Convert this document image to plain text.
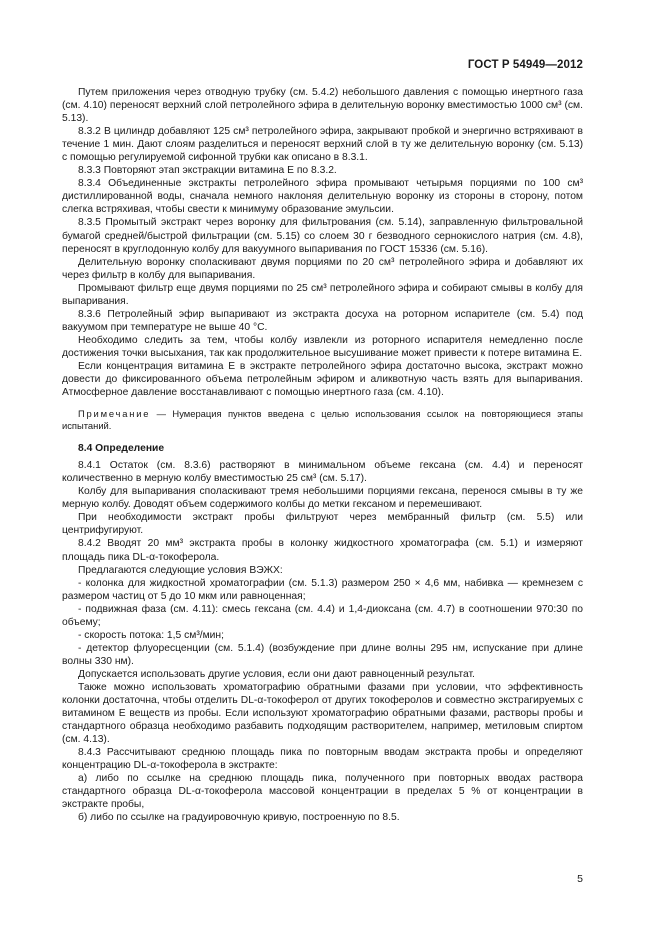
ГОСТ Р 54949—2012

Путем приложения через отводную трубку (см. 5.4.2) небольшого давления с помощью инертного газа (см. 4.10) переносят верхний слой петролейного эфира в делительную воронку вместимостью 1000 см³ (см. 5.13).

8.3.2 В цилиндр добавляют 125 см³ петролейного эфира, закрывают пробкой и энергично встряхивают в течение 1 мин. Дают слоям разделиться и переносят верхний слой в ту же делительную воронку (см. 5.13) с помощью регулируемой сифонной трубки как описано в 8.3.1.

8.3.3 Повторяют этап экстракции витамина Е по 8.3.2.

8.3.4 Объединенные экстракты петролейного эфира промывают четырьмя порциями по 100 см³ дистиллированной воды, сначала немного наклоняя делительную воронку из стороны в сторону, потом слегка встряхивая, чтобы свести к минимуму образование эмульсии.

8.3.5 Промытый экстракт через воронку для фильтрования (см. 5.14), заправленную фильтровальной бумагой средней/быстрой фильтрации (см. 5.15) со слоем 30 г безводного сернокислого натрия (см. 4.8), переносят в круглодонную колбу для вакуумного выпаривания по ГОСТ 15336 (см. 5.16).

Делительную воронку споласкивают двумя порциями по 20 см³ петролейного эфира и добавляют их через фильтр в колбу для выпаривания.

Промывают фильтр еще двумя порциями по 25 см³ петролейного эфира и собирают смывы в колбу для выпаривания.

8.3.6 Петролейный эфир выпаривают из экстракта досуха на роторном испарителе (см. 5.4) под вакуумом при температуре не выше 40 °С.

Необходимо следить за тем, чтобы колбу извлекли из роторного испарителя немедленно после достижения точки высыхания, так как продолжительное высушивание может привести к потере витамина Е.

Если концентрация витамина Е в экстракте петролейного эфира достаточно высока, экстракт можно довести до фиксированного объема петролейным эфиром и аликвотную часть взять для выпаривания. Атмосферное давление восстанавливают с помощью инертного газа (см. 4.10).

Примечание — Нумерация пунктов введена с целью использования ссылок на повторяющиеся этапы испытаний.

8.4 Определение

8.4.1 Остаток (см. 8.3.6) растворяют в минимальном объеме гексана (см. 4.4) и переносят количественно в мерную колбу вместимостью 25 см³ (см. 5.17).

Колбу для выпаривания споласкивают тремя небольшими порциями гексана, перенося смывы в ту же мерную колбу. Доводят объем содержимого колбы до метки гексаном и перемешивают.

При необходимости экстракт пробы фильтруют через мембранный фильтр (см. 5.5) или центрифугируют.

8.4.2 Вводят 20 мм³ экстракта пробы в колонку жидкостного хроматографа (см. 5.1) и измеряют площадь пика DL-α-токоферола.

Предлагаются следующие условия ВЭЖХ:

- колонка для жидкостной хроматографии (см. 5.1.3) размером 250 × 4,6 мм, набивка — кремнезем с размером частиц от 5 до 10 мкм или равноценная;

- подвижная фаза (см. 4.11): смесь гексана (см. 4.4) и 1,4-диоксана (см. 4.7) в соотношении 970:30 по объему;

- скорость потока: 1,5 см³/мин;

- детектор флуоресценции (см. 5.1.4) (возбуждение при длине волны 295 нм, испускание при длине волны 330 нм).

Допускается использовать другие условия, если они дают равноценный результат.

Также можно использовать хроматографию обратными фазами при условии, что эффективность колонки достаточна, чтобы отделить DL-α-токоферол от других токоферолов и совместно экстрагируемых с витамином Е веществ из пробы. Если используют хроматографию обратными фазами, растворы пробы и стандартного образца необходимо разбавить подходящим растворителем, например, метиловым спиртом (см. 4.13).

8.4.3 Рассчитывают среднюю площадь пика по повторным вводам экстракта пробы и определяют концентрацию DL-α-токоферола в экстракте:

а) либо по ссылке на среднюю площадь пика, полученного при повторных вводах раствора стандартного образца DL-α-токоферола массовой концентрации в пределах 5 % от концентрации в экстракте пробы,

б) либо по ссылке на градуировочную кривую, построенную по 8.5.

5
